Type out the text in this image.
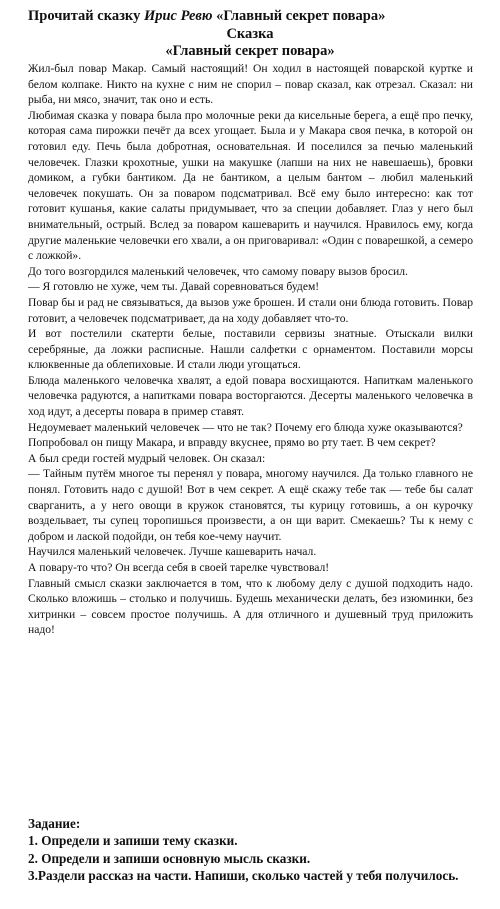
Прочитай сказку Ирис Ревю «Главный секрет повара»
Сказка
«Главный секрет повара»

Жил-был повар Макар. Самый настоящий! Он ходил в настоящей поварской куртке и белом колпаке. Никто на кухне с ним не спорил – повар сказал, как отрезал. Сказал: ни рыба, ни мясо, значит, так оно и есть.

Любимая сказка у повара была про молочные реки да кисельные берега, а ещё про печку, которая сама пирожки печёт да всех угощает. Была и у Макара своя печка, в которой он готовил еду. Печь была добротная, основательная. И поселился за печью маленький человечек. Глазки крохотные, ушки на макушке (лапши на них не навешаешь), бровки домиком, а губки бантиком. Да не бантиком, а целым бантом – любил маленький человечек покушать. Он за поваром подсматривал. Всё ему было интересно: как тот готовит кушанья, какие салаты придумывает, что за специи добавляет. Глаз у него был внимательный, острый. Вслед за поваром кашеварить и научился. Нравилось ему, когда другие маленькие человечки его хвали, а он приговаривал: «Один с поварешкой, а семеро с ложкой».

До того возгордился маленький человечек, что самому повару вызов бросил.

— Я готовлю не хуже, чем ты. Давай соревноваться будем!

Повар бы и рад не связываться, да вызов уже брошен. И стали они блюда готовить. Повар готовит, а человечек подсматривает, да на ходу добавляет что-то.

И вот постелили скатерти белые, поставили сервизы знатные. Отыскали вилки серебряные, да ложки расписные. Нашли салфетки с орнаментом. Поставили морсы клюквенные да облепиховые. И стали люди угощаться.

Блюда маленького человечка хвалят, а едой повара восхищаются. Напиткам маленького человечка радуются, а напитками повара восторгаются. Десерты маленького человечка в ход идут, а десерты повара в пример ставят.

Недоумевает маленький человечек — что не так? Почему его блюда хуже оказываются?

Попробовал он пищу Макара, и вправду вкуснее, прямо во рту тает. В чем секрет?

А был среди гостей мудрый человек. Он сказал:

— Тайным путём многое ты перенял у повара, многому научился. Да только главного не понял. Готовить надо с душой! Вот в чем секрет. А ещё скажу тебе так — тебе бы салат сварганить, а у него овощи в кружок становятся, ты курицу готовишь, а он курочку воздельвает, ты супец торопишься произвести, а он щи варит. Смекаешь? Ты к нему с добром и лаской подойди, он тебя кое-чему научит.

Научился маленький человечек. Лучше кашеварить начал.

А повару-то что? Он всегда себя в своей тарелке чувствовал!

Главный смысл сказки заключается в том, что к любому делу с душой подходить надо. Сколько вложишь – столько и получишь. Будешь механически делать, без изюминки, без хитринки – совсем простое получишь. А для отличного и душевный труд приложить надо!

Задание:
1. Определи и запиши тему сказки.
2. Определи и запиши основную мысль сказки.
3.Раздели рассказ на части. Напиши, сколько частей у тебя получилось.
